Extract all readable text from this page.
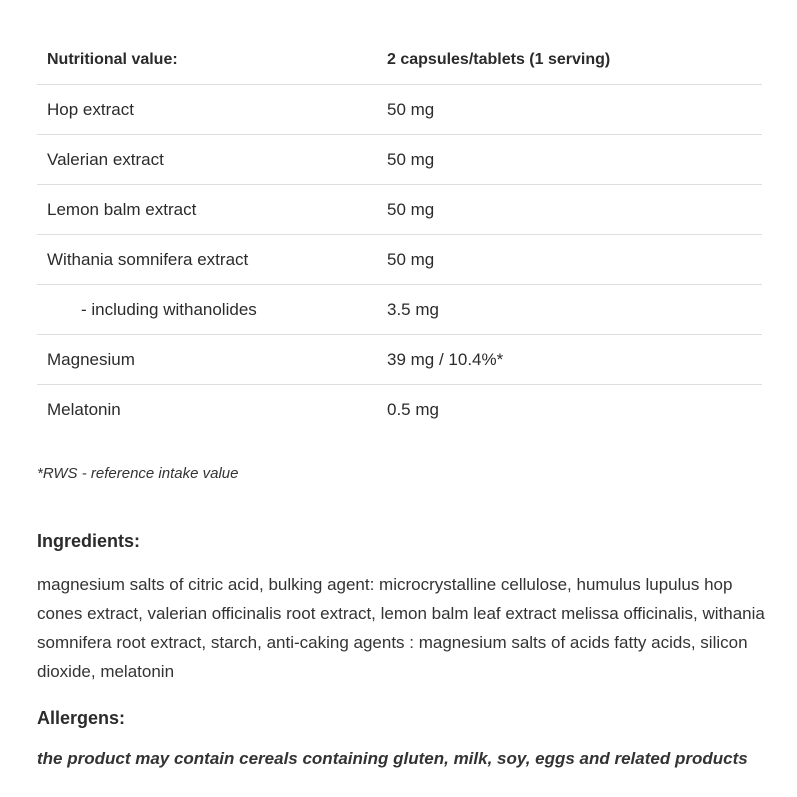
Nutritional value:	2 capsules/tablets (1 serving)
Hop extract	50 mg
Valerian extract	50 mg
Lemon balm extract	50 mg
Withania somnifera extract	50 mg
- including withanolides	3.5 mg
Magnesium	39 mg / 10.4%*
Melatonin	0.5 mg
*RWS - reference intake value
Ingredients:
magnesium salts of citric acid, bulking agent: microcrystalline cellulose, humulus lupulus hop cones extract, valerian officinalis root extract, lemon balm leaf extract melissa officinalis, withania somnifera root extract, starch, anti-caking agents : magnesium salts of acids fatty acids, silicon dioxide, melatonin
Allergens:
the product may contain cereals containing gluten, milk, soy, eggs and related products
